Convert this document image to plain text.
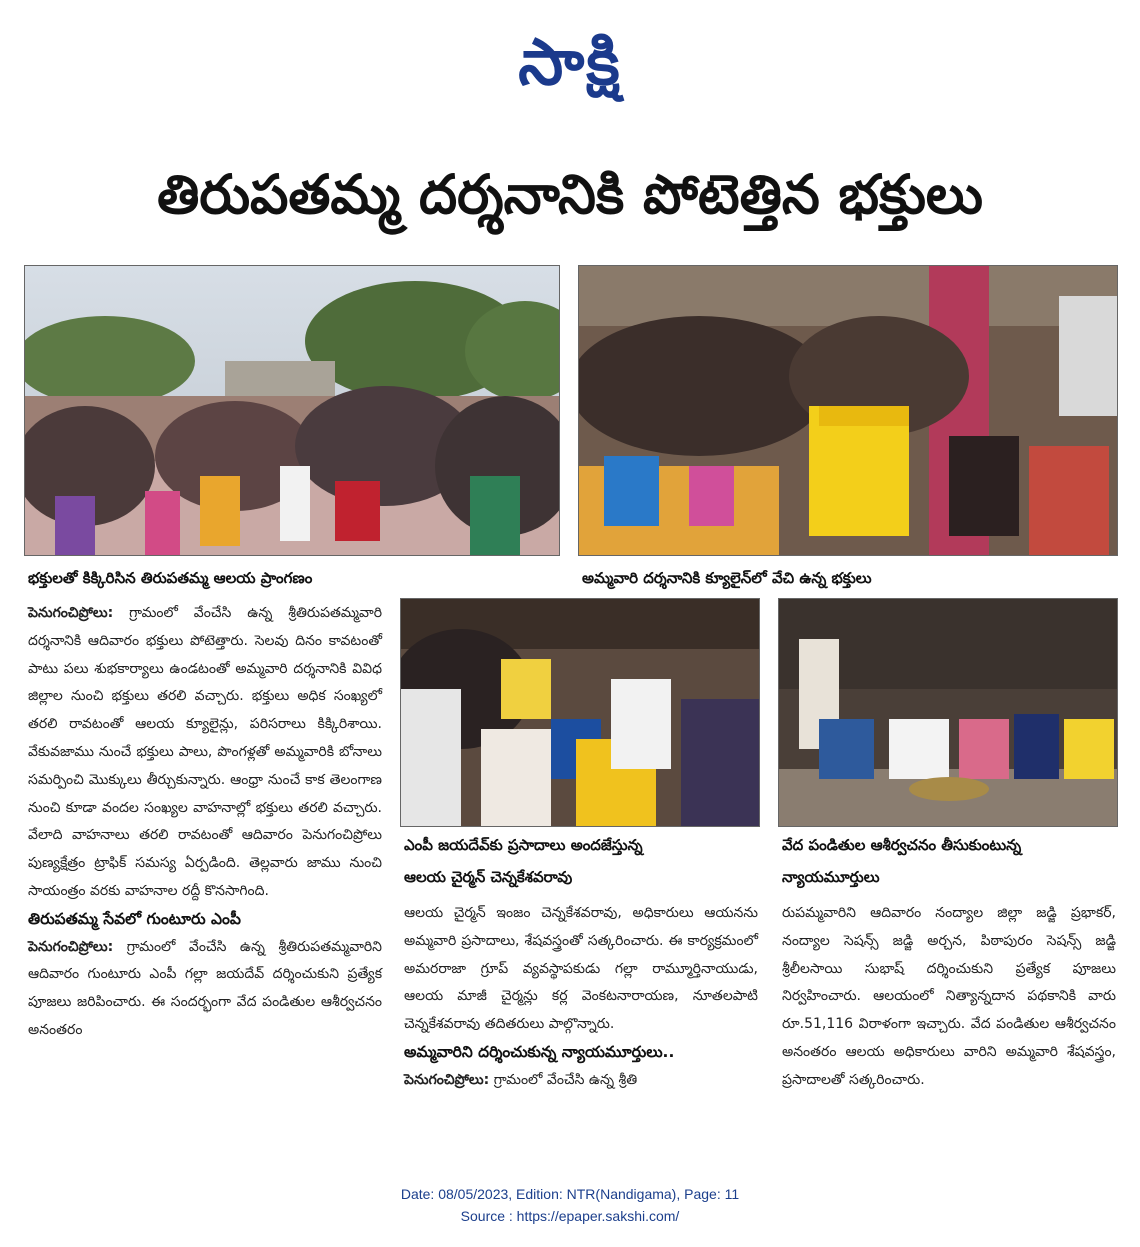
సాక్షి
తిరుపతమ్మ దర్శనానికి పోటెత్తిన భక్తులు
భక్తులతో కిక్కిరిసిన తిరుపతమ్మ ఆలయ ప్రాంగణం	అమ్మవారి దర్శనానికి క్యూలైన్‌లో వేచి ఉన్న భక్తులు
ఎంపీ జయదేవ్‌కు ప్రసాదాలు అందజేస్తున్న
ఆలయ చైర్మన్ చెన్నకేశవరావు
వేద పండితుల ఆశీర్వచనం తీసుకుంటున్న
న్యాయమూర్తులు

పెనుగంచిప్రోలు: గ్రామంలో వేంచేసి ఉన్న శ్రీతిరుపతమ్మవారి దర్శనానికి ఆదివారం భక్తులు పోటెత్తారు. సెలవు దినం కావటంతో పాటు పలు శుభకార్యాలు ఉండటంతో అమ్మవారి దర్శనానికి వివిధ జిల్లాల నుంచి భక్తులు తరలి వచ్చారు. భక్తులు అధిక సంఖ్యలో తరలి రావటంతో ఆలయ క్యూలైన్లు, పరిసరాలు కిక్కిరిశాయి. వేకువజాము నుంచే భక్తులు పాలు, పొంగళ్లతో అమ్మవారికి బోనాలు సమర్పించి మొక్కులు తీర్చుకున్నారు. ఆంధ్రా నుంచే కాక తెలంగాణ నుంచి కూడా వందల సంఖ్యల వాహనాల్లో భక్తులు తరలి వచ్చారు. వేలాది వాహనాలు తరలి రావటంతో ఆదివారం పెనుగంచిప్రోలు పుణ్యక్షేత్రం ట్రాఫిక్ సమస్య ఏర్పడింది. తెల్లవారు జాము నుంచి సాయంత్రం వరకు వాహనాల రద్దీ కొనసాగింది.

తిరుపతమ్మ సేవలో గుంటూరు ఎంపీ

పెనుగంచిప్రోలు: గ్రామంలో వేంచేసి ఉన్న శ్రీతిరుపతమ్మవారిని ఆదివారం గుంటూరు ఎంపీ గల్లా జయదేవ్ దర్శించుకుని ప్రత్యేక పూజలు జరిపించారు. ఈ సందర్భంగా వేద పండితుల ఆశీర్వచనం అనంతరం

ఆలయ చైర్మన్ ఇంజం చెన్నకేశవరావు, అధికారులు ఆయనను అమ్మవారి ప్రసాదాలు, శేషవస్త్రంతో సత్కరించారు. ఈ కార్యక్రమంలో అమరరాజా గ్రూప్ వ్యవస్థాపకుడు గల్లా రామ్మూర్తినాయుడు, ఆలయ మాజీ చైర్మన్లు కర్ల వెంకటనారాయణ, నూతలపాటి చెన్నకేశవరావు తదితరులు పాల్గొన్నారు.

అమ్మవారిని దర్శించుకున్న న్యాయమూర్తులు..

పెనుగంచిప్రోలు: గ్రామంలో వేంచేసి ఉన్న శ్రీతి

రుపమ్మవారిని ఆదివారం నంద్యాల జిల్లా జడ్జి ప్రభాకర్, నంద్యాల సెషన్స్ జడ్జి అర్చన, పిఠాపురం సెషన్స్ జడ్జి శ్రీలీలసాయి సుభాష్ దర్శించుకుని ప్రత్యేక పూజలు నిర్వహించారు. ఆలయంలో నిత్యాన్నదాన పథకానికి వారు రూ.51,116 విరాళంగా ఇచ్చారు. వేద పండితుల ఆశీర్వచనం అనంతరం ఆలయ అధికారులు వారిని అమ్మవారి శేషవస్త్రం, ప్రసాదాలతో సత్కరించారు.

Date: 08/05/2023, Edition: NTR(Nandigama), Page: 11
Source : https://epaper.sakshi.com/
